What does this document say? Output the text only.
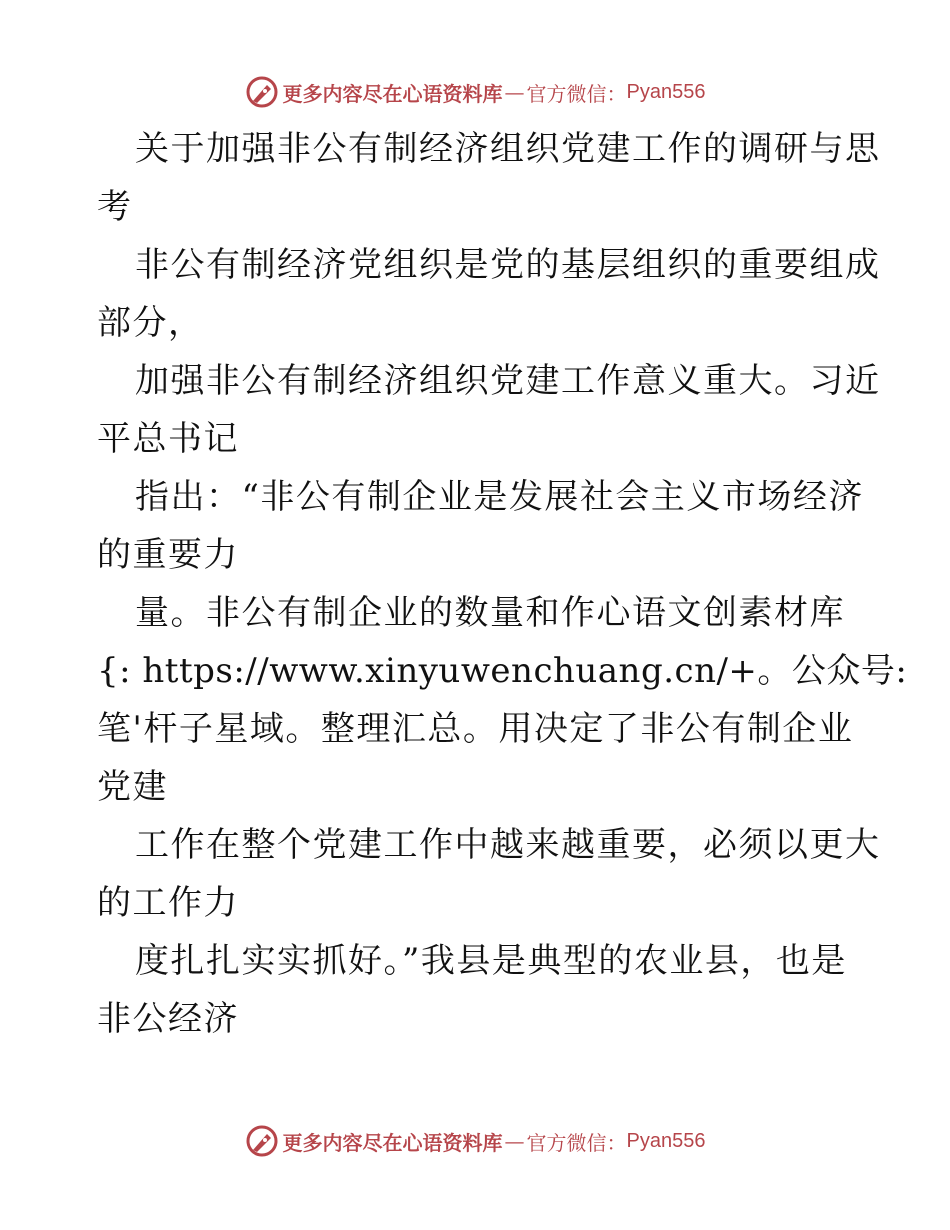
更多内容尽在心语资料库 — 官方微信： Pyan556
关于加强非公有制经济组织党建工作的调研与思
考
非公有制经济党组织是党的基层组织的重要组成
部分，
加强非公有制经济组织党建工作意义重大。习近
平总书记
指出：“非公有制企业是发展社会主义市场经济
的重要力
量。非公有制企业的数量和作心语文创素材库
{: https://www.xinyuwenchuang.cn/+。公众号:
笔'杆子星域。整理汇总。用决定了非公有制企业
党建
工作在整个党建工作中越来越重要，必须以更大
的工作力
度扎扎实实抓好。”我县是典型的农业县，也是
非公经济
更多内容尽在心语资料库 — 官方微信： Pyan556
